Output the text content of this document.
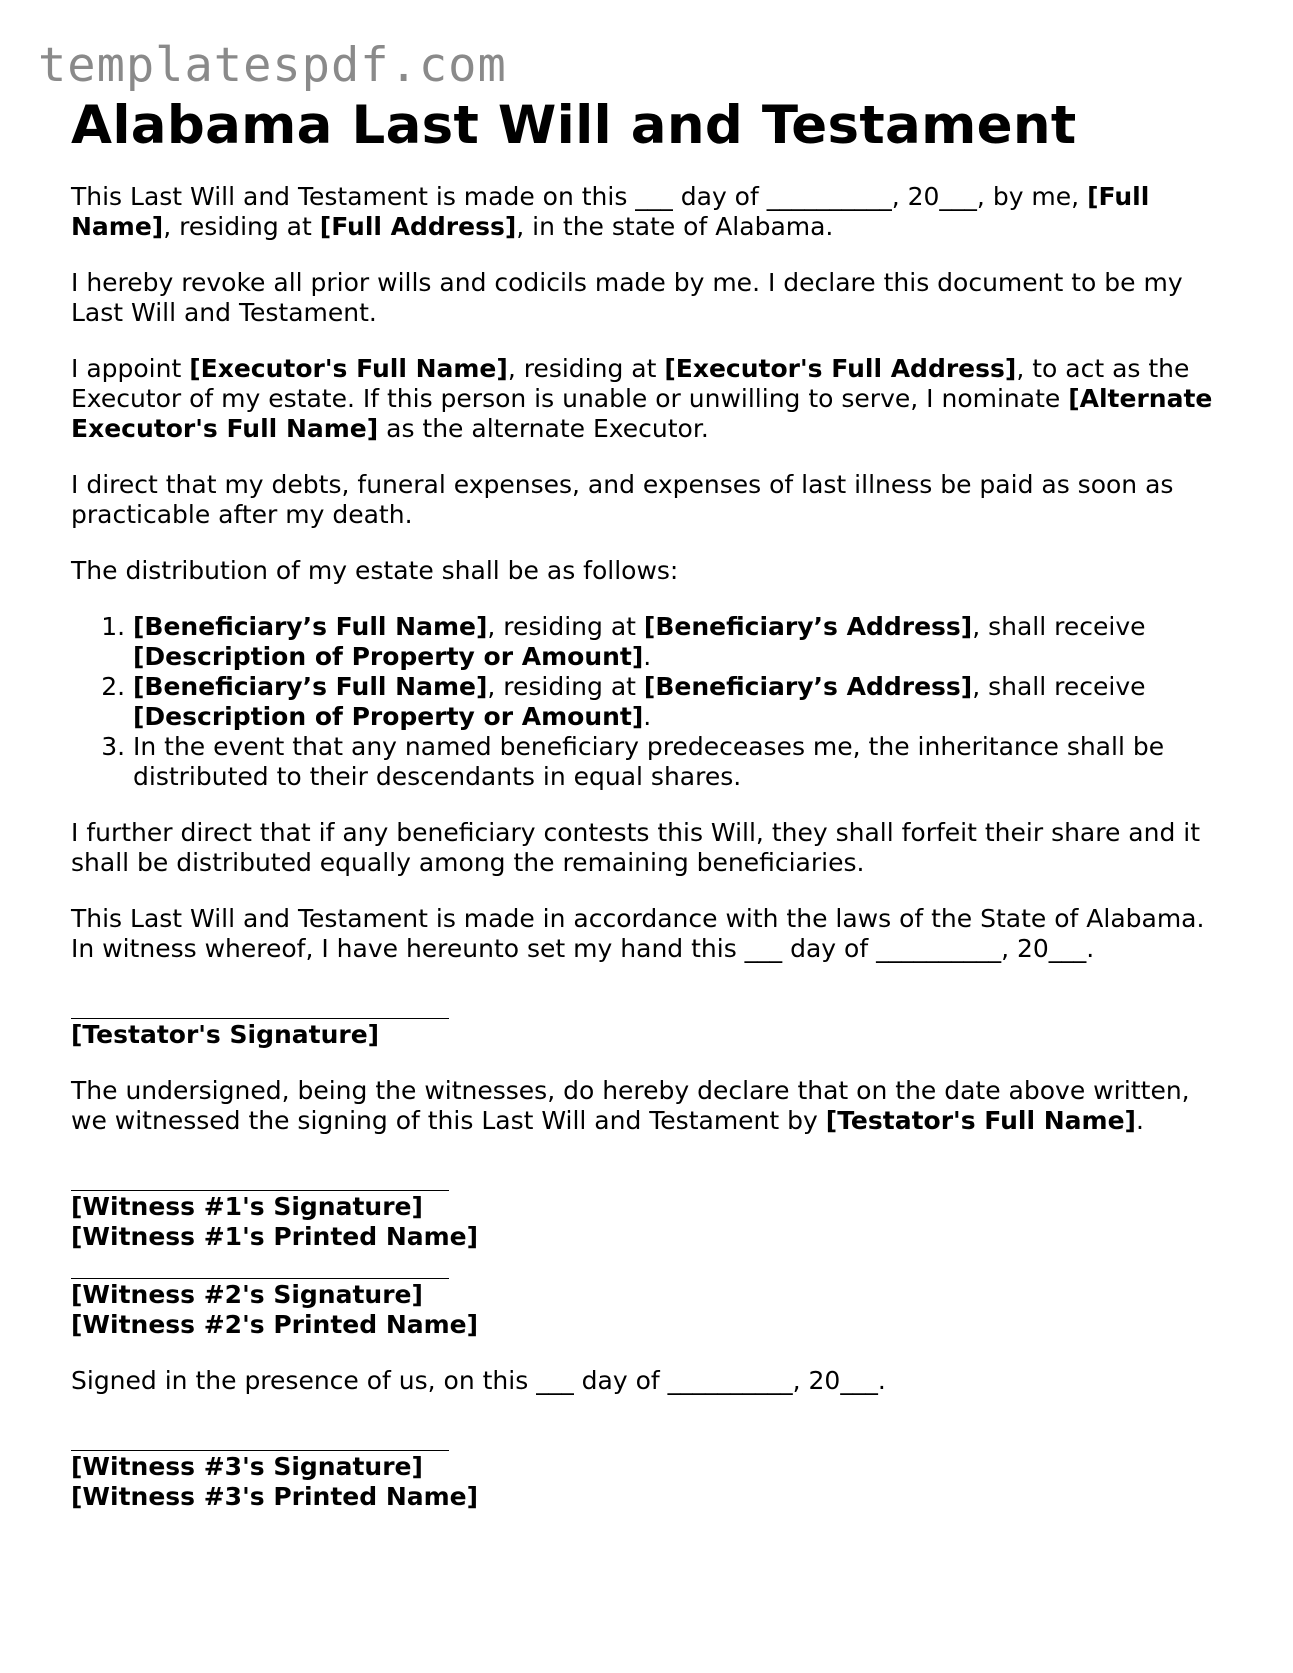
templatespdf.com
Alabama Last Will and Testament

This Last Will and Testament is made on this ___ day of __________, 20___, by me, [Full Name], residing at [Full Address], in the state of Alabama.

I hereby revoke all prior wills and codicils made by me. I declare this document to be my Last Will and Testament.

I appoint [Executor's Full Name], residing at [Executor's Full Address], to act as the Executor of my estate. If this person is unable or unwilling to serve, I nominate [Alternate Executor's Full Name] as the alternate Executor.

I direct that my debts, funeral expenses, and expenses of last illness be paid as soon as practicable after my death.

The distribution of my estate shall be as follows:

1. [Beneficiary’s Full Name], residing at [Beneficiary’s Address], shall receive [Description of Property or Amount].
2. [Beneficiary’s Full Name], residing at [Beneficiary’s Address], shall receive [Description of Property or Amount].
3. In the event that any named beneficiary predeceases me, the inheritance shall be distributed to their descendants in equal shares.

I further direct that if any beneficiary contests this Will, they shall forfeit their share and it shall be distributed equally among the remaining beneficiaries.

This Last Will and Testament is made in accordance with the laws of the State of Alabama. In witness whereof, I have hereunto set my hand this ___ day of __________, 20___.

[Testator's Signature]

The undersigned, being the witnesses, do hereby declare that on the date above written, we witnessed the signing of this Last Will and Testament by [Testator's Full Name].

[Witness #1's Signature]
[Witness #1's Printed Name]
[Witness #2's Signature]
[Witness #2's Printed Name]

Signed in the presence of us, on this ___ day of __________, 20___.

[Witness #3's Signature]
[Witness #3's Printed Name]
